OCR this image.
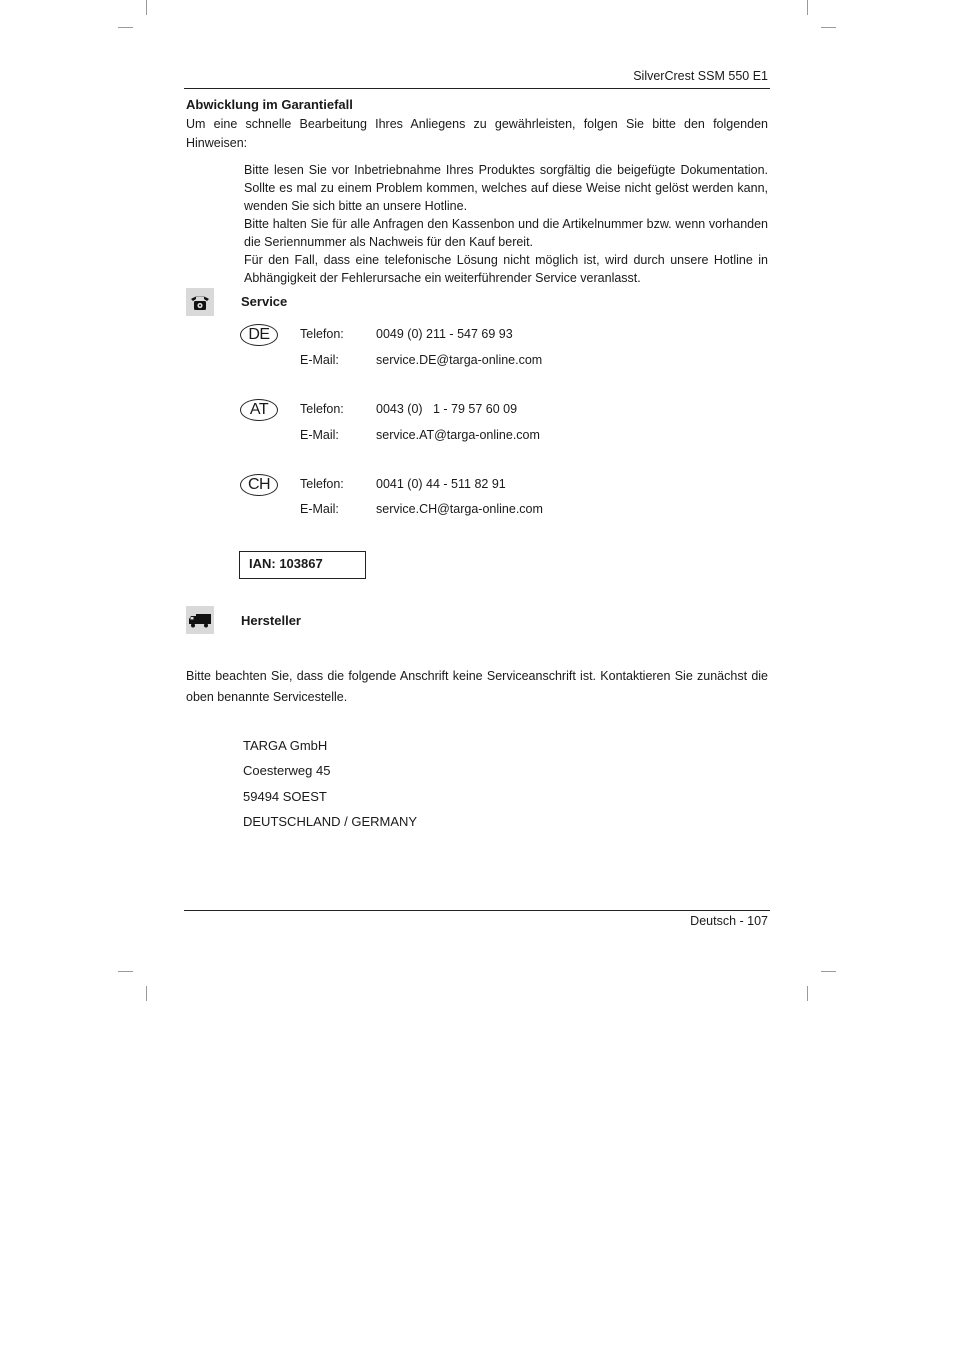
SilverCrest SSM 550 E1
Abwicklung im Garantiefall
Um eine schnelle Bearbeitung Ihres Anliegens zu gewährleisten, folgen Sie bitte den folgenden Hinweisen:
Bitte lesen Sie vor Inbetriebnahme Ihres Produktes sorgfältig die beigefügte Dokumentation. Sollte es mal zu einem Problem kommen, welches auf diese Weise nicht gelöst werden kann, wenden Sie sich bitte an unsere Hotline.
Bitte halten Sie für alle Anfragen den Kassenbon und die Artikelnummer bzw. wenn vorhanden die Seriennummer als Nachweis für den Kauf bereit.
Für den Fall, dass eine telefonische Lösung nicht möglich ist, wird durch unsere Hotline in Abhängigkeit der Fehlerursache ein weiterführender Service veranlasst.
Service
DE	Telefon:	0049 (0) 211 - 547 69 93
E-Mail:	service.DE@targa-online.com
AT	Telefon:	0043 (0)   1 - 79 57 60 09
E-Mail:	service.AT@targa-online.com
CH	Telefon:	0041 (0) 44 - 511 82 91
E-Mail:	service.CH@targa-online.com
IAN: 103867
Hersteller
Bitte beachten Sie, dass die folgende Anschrift keine Serviceanschrift ist. Kontaktieren Sie zunächst die oben benannte Servicestelle.
TARGA GmbH
Coesterweg 45
59494 SOEST
DEUTSCHLAND / GERMANY
Deutsch - 107
